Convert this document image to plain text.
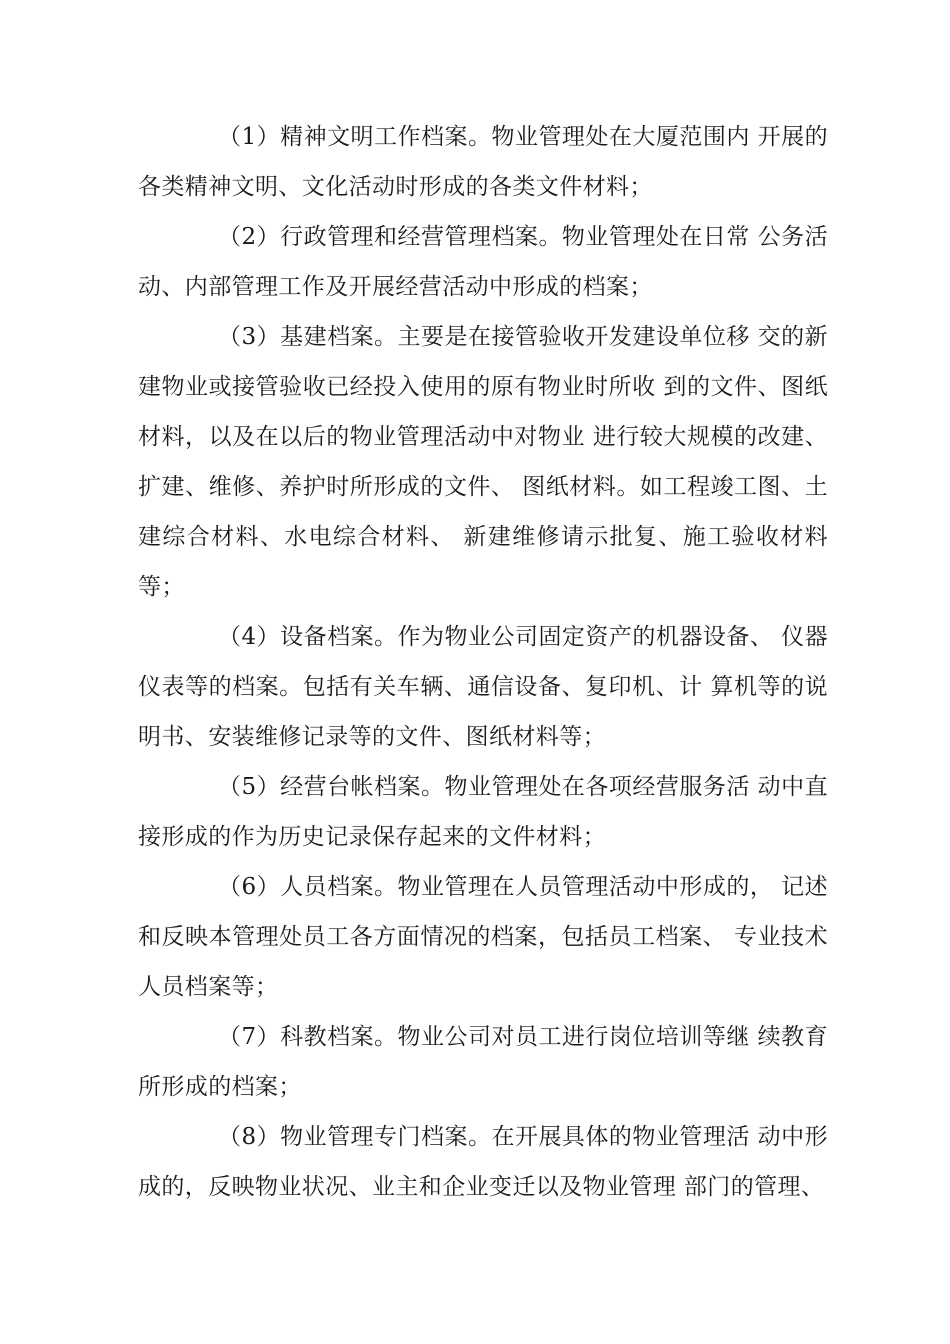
（1）精神文明工作档案。物业管理处在大厦范围内 开展的各类精神文明、文化活动时形成的各类文件材料；

（2）行政管理和经营管理档案。物业管理处在日常 公务活动、内部管理工作及开展经营活动中形成的档案；

（3）基建档案。主要是在接管验收开发建设单位移 交的新建物业或接管验收已经投入使用的原有物业时所收 到的文件、图纸材料，以及在以后的物业管理活动中对物业 进行较大规模的改建、扩建、维修、养护时所形成的文件、 图纸材料。如工程竣工图、土建综合材料、水电综合材料、 新建维修请示批复、施工验收材料等；

（4）设备档案。作为物业公司固定资产的机器设备、 仪器仪表等的档案。包括有关车辆、通信设备、复印机、计 算机等的说明书、安装维修记录等的文件、图纸材料等；

（5）经营台帐档案。物业管理处在各项经营服务活 动中直接形成的作为历史记录保存起来的文件材料；

（6）人员档案。物业管理在人员管理活动中形成的， 记述和反映本管理处员工各方面情况的档案，包括员工档案、 专业技术人员档案等；

（7）科教档案。物业公司对员工进行岗位培训等继 续教育所形成的档案；

（8）物业管理专门档案。在开展具体的物业管理活 动中形成的，反映物业状况、业主和企业变迁以及物业管理 部门的管理、
